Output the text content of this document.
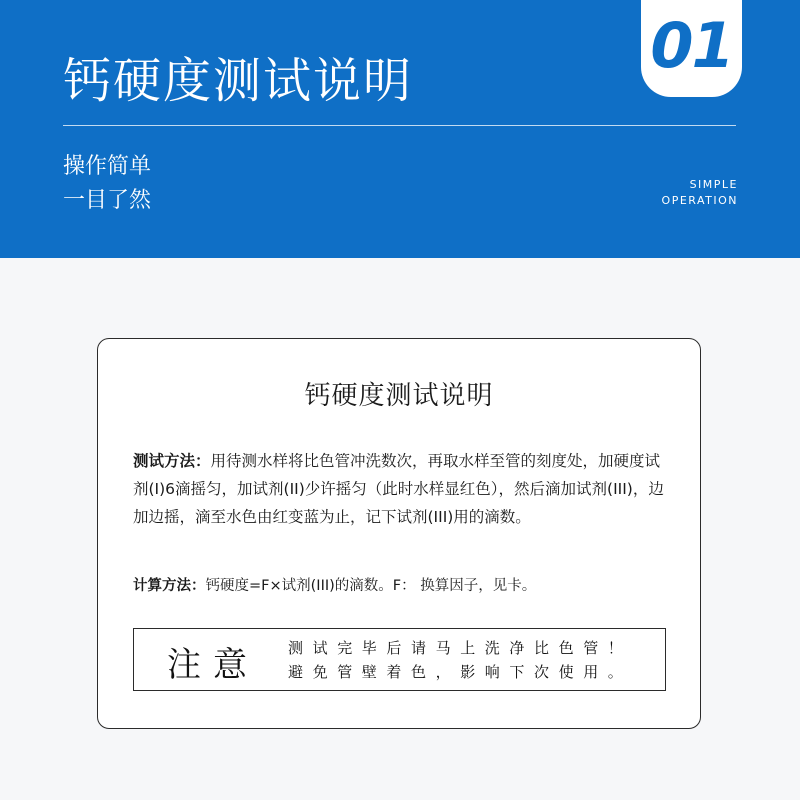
01
钙硬度测试说明
操作简单
一目了然
SIMPLE
OPERATION
钙硬度测试说明
测试方法：用待测水样将比色管冲洗数次，再取水样至管的刻度处，加硬度试剂(I)6滴摇匀，加试剂(II)少许摇匀（此时水样显红色），然后滴加试剂(III)，边加边摇，滴至水色由红变蓝为止，记下试剂(III)用的滴数。
计算方法：钙硬度=F×试剂(III)的滴数。F： 换算因子，见卡。
注意 测试完毕后请马上洗净比色管！
避免管壁着色，影响下次使用。
